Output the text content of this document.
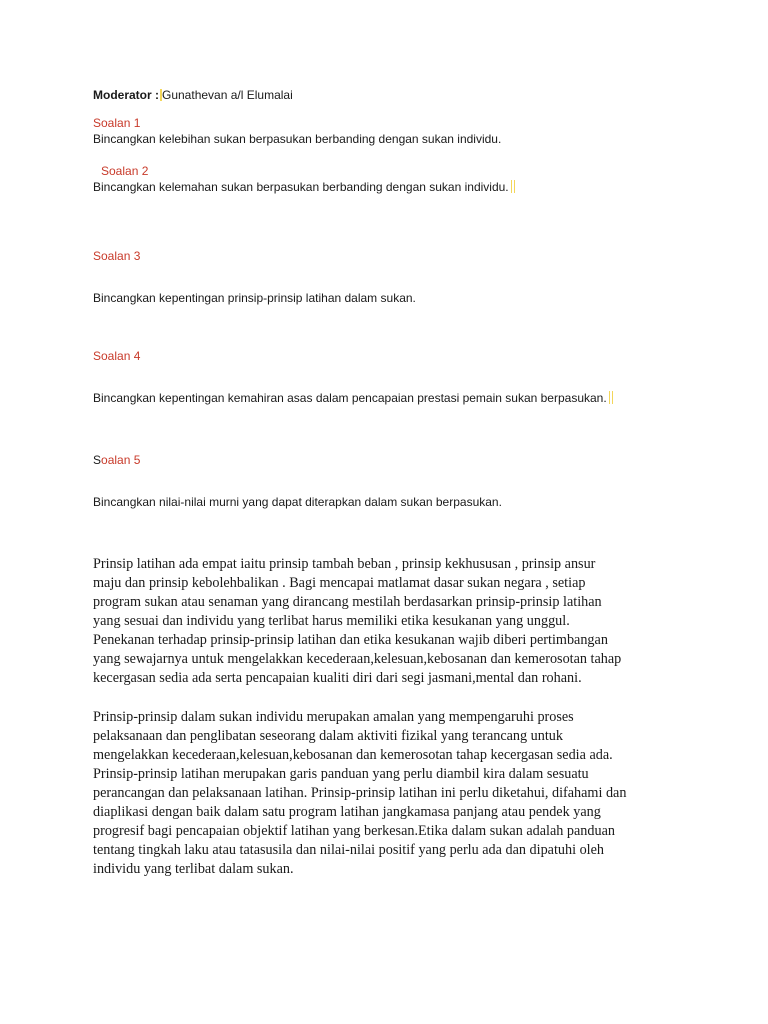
Moderator : Gunathevan a/l Elumalai
Soalan 1
Bincangkan kelebihan sukan berpasukan berbanding dengan sukan individu.
Soalan 2
Bincangkan kelemahan sukan berpasukan berbanding dengan sukan individu.
Soalan 3
Bincangkan kepentingan prinsip-prinsip latihan dalam sukan.
Soalan 4
Bincangkan kepentingan kemahiran asas dalam pencapaian prestasi pemain sukan berpasukan.
Soalan 5
Bincangkan nilai-nilai murni yang dapat diterapkan dalam sukan berpasukan.
Prinsip latihan ada empat iaitu prinsip tambah beban , prinsip kekhususan , prinsip ansur
maju dan prinsip kebolehbalikan . Bagi mencapai matlamat dasar sukan negara , setiap
program sukan atau senaman yang dirancang mestilah berdasarkan prinsip-prinsip latihan
yang sesuai dan individu yang terlibat harus memiliki etika kesukanan yang unggul.
Penekanan terhadap prinsip-prinsip latihan dan etika kesukanan wajib diberi pertimbangan
yang sewajarnya untuk mengelakkan kecederaan,kelesuan,kebosanan dan kemerosotan tahap
kecergasan sedia ada serta pencapaian kualiti diri dari segi jasmani,mental dan rohani.
Prinsip-prinsip dalam sukan individu merupakan amalan yang mempengaruhi proses
pelaksanaan dan penglibatan seseorang dalam aktiviti fizikal yang terancang untuk
mengelakkan kecederaan,kelesuan,kebosanan dan kemerosotan tahap kecergasan sedia ada.
Prinsip-prinsip latihan merupakan garis panduan yang perlu diambil kira dalam sesuatu
perancangan dan pelaksanaan latihan. Prinsip-prinsip latihan ini perlu diketahui, difahami dan
diaplikasi dengan baik dalam satu program latihan jangkamasa panjang atau pendek yang
progresif bagi pencapaian objektif latihan yang berkesan.Etika dalam sukan adalah panduan
tentang tingkah laku atau tatasusila dan nilai-nilai positif yang perlu ada dan dipatuhi oleh
individu yang terlibat dalam sukan.
